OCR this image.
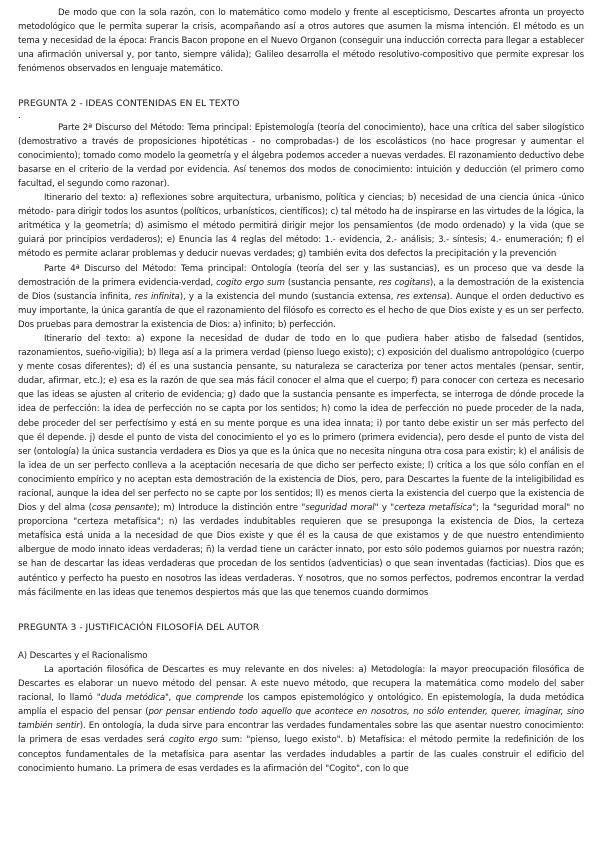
De modo que con la sola razón, con lo matemático como modelo y frente al escepticismo, Descartes afronta un proyecto metodológico que le permita superar la crisis, acompañando así a otros autores que asumen la misma intención. El método es un tema y necesidad de la época: Francis Bacon propone en el Nuevo Organon (conseguir una inducción correcta para llegar a establecer una afirmación universal y, por tanto, siempre válida); Galileo desarrolla el método resolutivo-compositivo que permite expresar los fenómenos observados en lenguaje matemático.

PREGUNTA 2 - IDEAS CONTENIDAS EN EL TEXTO

.

Parte 2ª Discurso del Método: Tema principal: Epistemología (teoría del conocimiento), hace una crítica del saber silogístico (demostrativo a través de proposiciones hipotéticas - no comprobadas-) de los escolásticos (no hace progresar y aumentar el conocimiento); tomado como modelo la geometría y el álgebra podemos acceder a nuevas verdades. El razonamiento deductivo debe basarse en el criterio de la verdad por evidencia. Así tenemos dos modos de conocimiento: intuición y deducción (el primero como facultad, el segundo como razonar).

Itinerario del texto: a) reflexiones sobre arquitectura, urbanismo, política y ciencias; b) necesidad de una ciencia única -único método- para dirigir todos los asuntos (políticos, urbanísticos, científicos); c) tal método ha de inspirarse en las virtudes de la lógica, la aritmética y la geometría; d) asimismo el método permitirá dirigir mejor los pensamientos (de modo ordenado) y la vida (que se guiará por principios verdaderos); e) Enuncia las 4 reglas del método: 1.- evidencia, 2.- análisis; 3.- síntesis; 4.- enumeración; f) el método es permite aclarar problemas y deducir nuevas verdades; g) también evita dos defectos la precipitación y la prevención

Parte 4ª Discurso del Método: Tema principal: Ontología (teoría del ser y las sustancias), es un proceso que va desde la demostración de la primera evidencia-verdad, cogito ergo sum (sustancia pensante, res cogitans), a la demostración de la existencia de Dios (sustancia infinita, res infinita), y a la existencia del mundo (sustancia extensa, res extensa). Aunque el orden deductivo es muy importante, la única garantía de que el razonamiento del filósofo es correcto es el hecho de que Dios existe y es un ser perfecto. Dos pruebas para demostrar la existencia de Dios: a) infinito; b) perfección.

Itinerario del texto: a) expone la necesidad de dudar de todo en lo que pudiera haber atisbo de falsedad (sentidos, razonamientos, sueño-vigilia); b) llega así a la primera verdad (pienso luego existo); c) exposición del dualismo antropológico (cuerpo y mente cosas diferentes); d) él es una sustancia pensante, su naturaleza se caracteriza por tener actos mentales (pensar, sentir, dudar, afirmar, etc.); e) esa es la razón de que sea más fácil conocer el alma que el cuerpo; f) para conocer con certeza es necesario que las ideas se ajusten al criterio de evidencia; g) dado que la sustancia pensante es imperfecta, se interroga de dónde procede la idea de perfección: la idea de perfección no se capta por los sentidos; h) como la idea de perfección no puede proceder de la nada, debe proceder del ser perfectísimo y está en su mente porque es una idea innata; i) por tanto debe existir un ser más perfecto del que él depende. j) desde el punto de vista del conocimiento el yo es lo primero (primera evidencia), pero desde el punto de vista del ser (ontología) la única sustancia verdadera es Dios ya que es la única que no necesita ninguna otra cosa para existir; k) el análisis de la idea de un ser perfecto conlleva a la aceptación necesaria de que dicho ser perfecto existe; l) crítica a los que sólo confían en el conocimiento empírico y no aceptan esta demostración de la existencia de Dios, pero, para Descartes la fuente de la inteligibilidad es racional, aunque la idea del ser perfecto no se capte por los sentidos; ll) es menos cierta la existencia del cuerpo que la existencia de Dios y del alma (cosa pensante); m) Introduce la distinción entre "seguridad moral" y "certeza metafísica"; la "seguridad moral" no proporciona "certeza metafísica"; n) las verdades indubitables requieren que se presuponga la existencia de Dios, la certeza metafísica está unida a la necesidad de que Dios existe y que él es la causa de que existamos y de que nuestro entendimiento albergue de modo innato ideas verdaderas; ñ) la verdad tiene un carácter innato, por esto sólo podemos guiarnos por nuestra razón; se han de descartar las ideas verdaderas que procedan de los sentidos (adventicias) o que sean inventadas (facticias). Dios que es auténtico y perfecto ha puesto en nosotros las ideas verdaderas. Y nosotros, que no somos perfectos, podremos encontrar la verdad más fácilmente en las ideas que tenemos despiertos más que las que tenemos cuando dormimos

PREGUNTA 3 - JUSTIFICACIÓN FILOSOFÍA DEL AUTOR

A) Descartes y el Racionalismo

La aportación filosófica de Descartes es muy relevante en dos niveles: a) Metodología: la mayor preocupación filosófica de Descartes es elaborar un nuevo método del pensar. A este nuevo método, que recupera la matemática como modelo del saber racional, lo llamó "duda metódica", que comprende los campos epistemológico y ontológico. En epistemología, la duda metódica amplía el espacio del pensar (por pensar entiendo todo aquello que acontece en nosotros, no sólo entender, querer, imaginar, sino también sentir). En ontología, la duda sirve para encontrar las verdades fundamentales sobre las que asentar nuestro conocimiento: la primera de esas verdades será cogito ergo sum: "pienso, luego existo". b) Metafísica: el método permite la redefinición de los conceptos fundamentales de la metafísica para asentar las verdades indudables a partir de las cuales construir el edificio del conocimiento humano. La primera de esas verdades es la afirmación del "Cogito", con lo que
